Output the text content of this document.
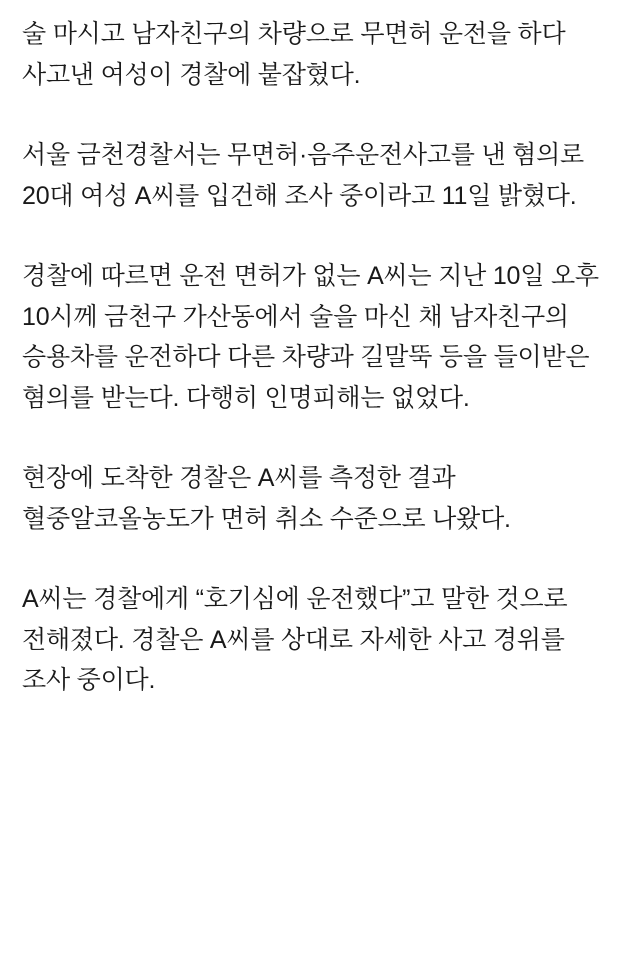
술 마시고 남자친구의 차량으로 무면허 운전을 하다 사고낸 여성이 경찰에 붙잡혔다.

서울 금천경찰서는 무면허·음주운전사고를 낸 혐의로 20대 여성 A씨를 입건해 조사 중이라고 11일 밝혔다.

경찰에 따르면 운전 면허가 없는 A씨는 지난 10일 오후 10시께 금천구 가산동에서 술을 마신 채 남자친구의 승용차를 운전하다 다른 차량과 길말뚝 등을 들이받은 혐의를 받는다. 다행히 인명피해는 없었다.

현장에 도착한 경찰은 A씨를 측정한 결과 혈중알코올농도가 면허 취소 수준으로 나왔다.

A씨는 경찰에게 “호기심에 운전했다”고 말한 것으로 전해졌다. 경찰은 A씨를 상대로 자세한 사고 경위를 조사 중이다.
